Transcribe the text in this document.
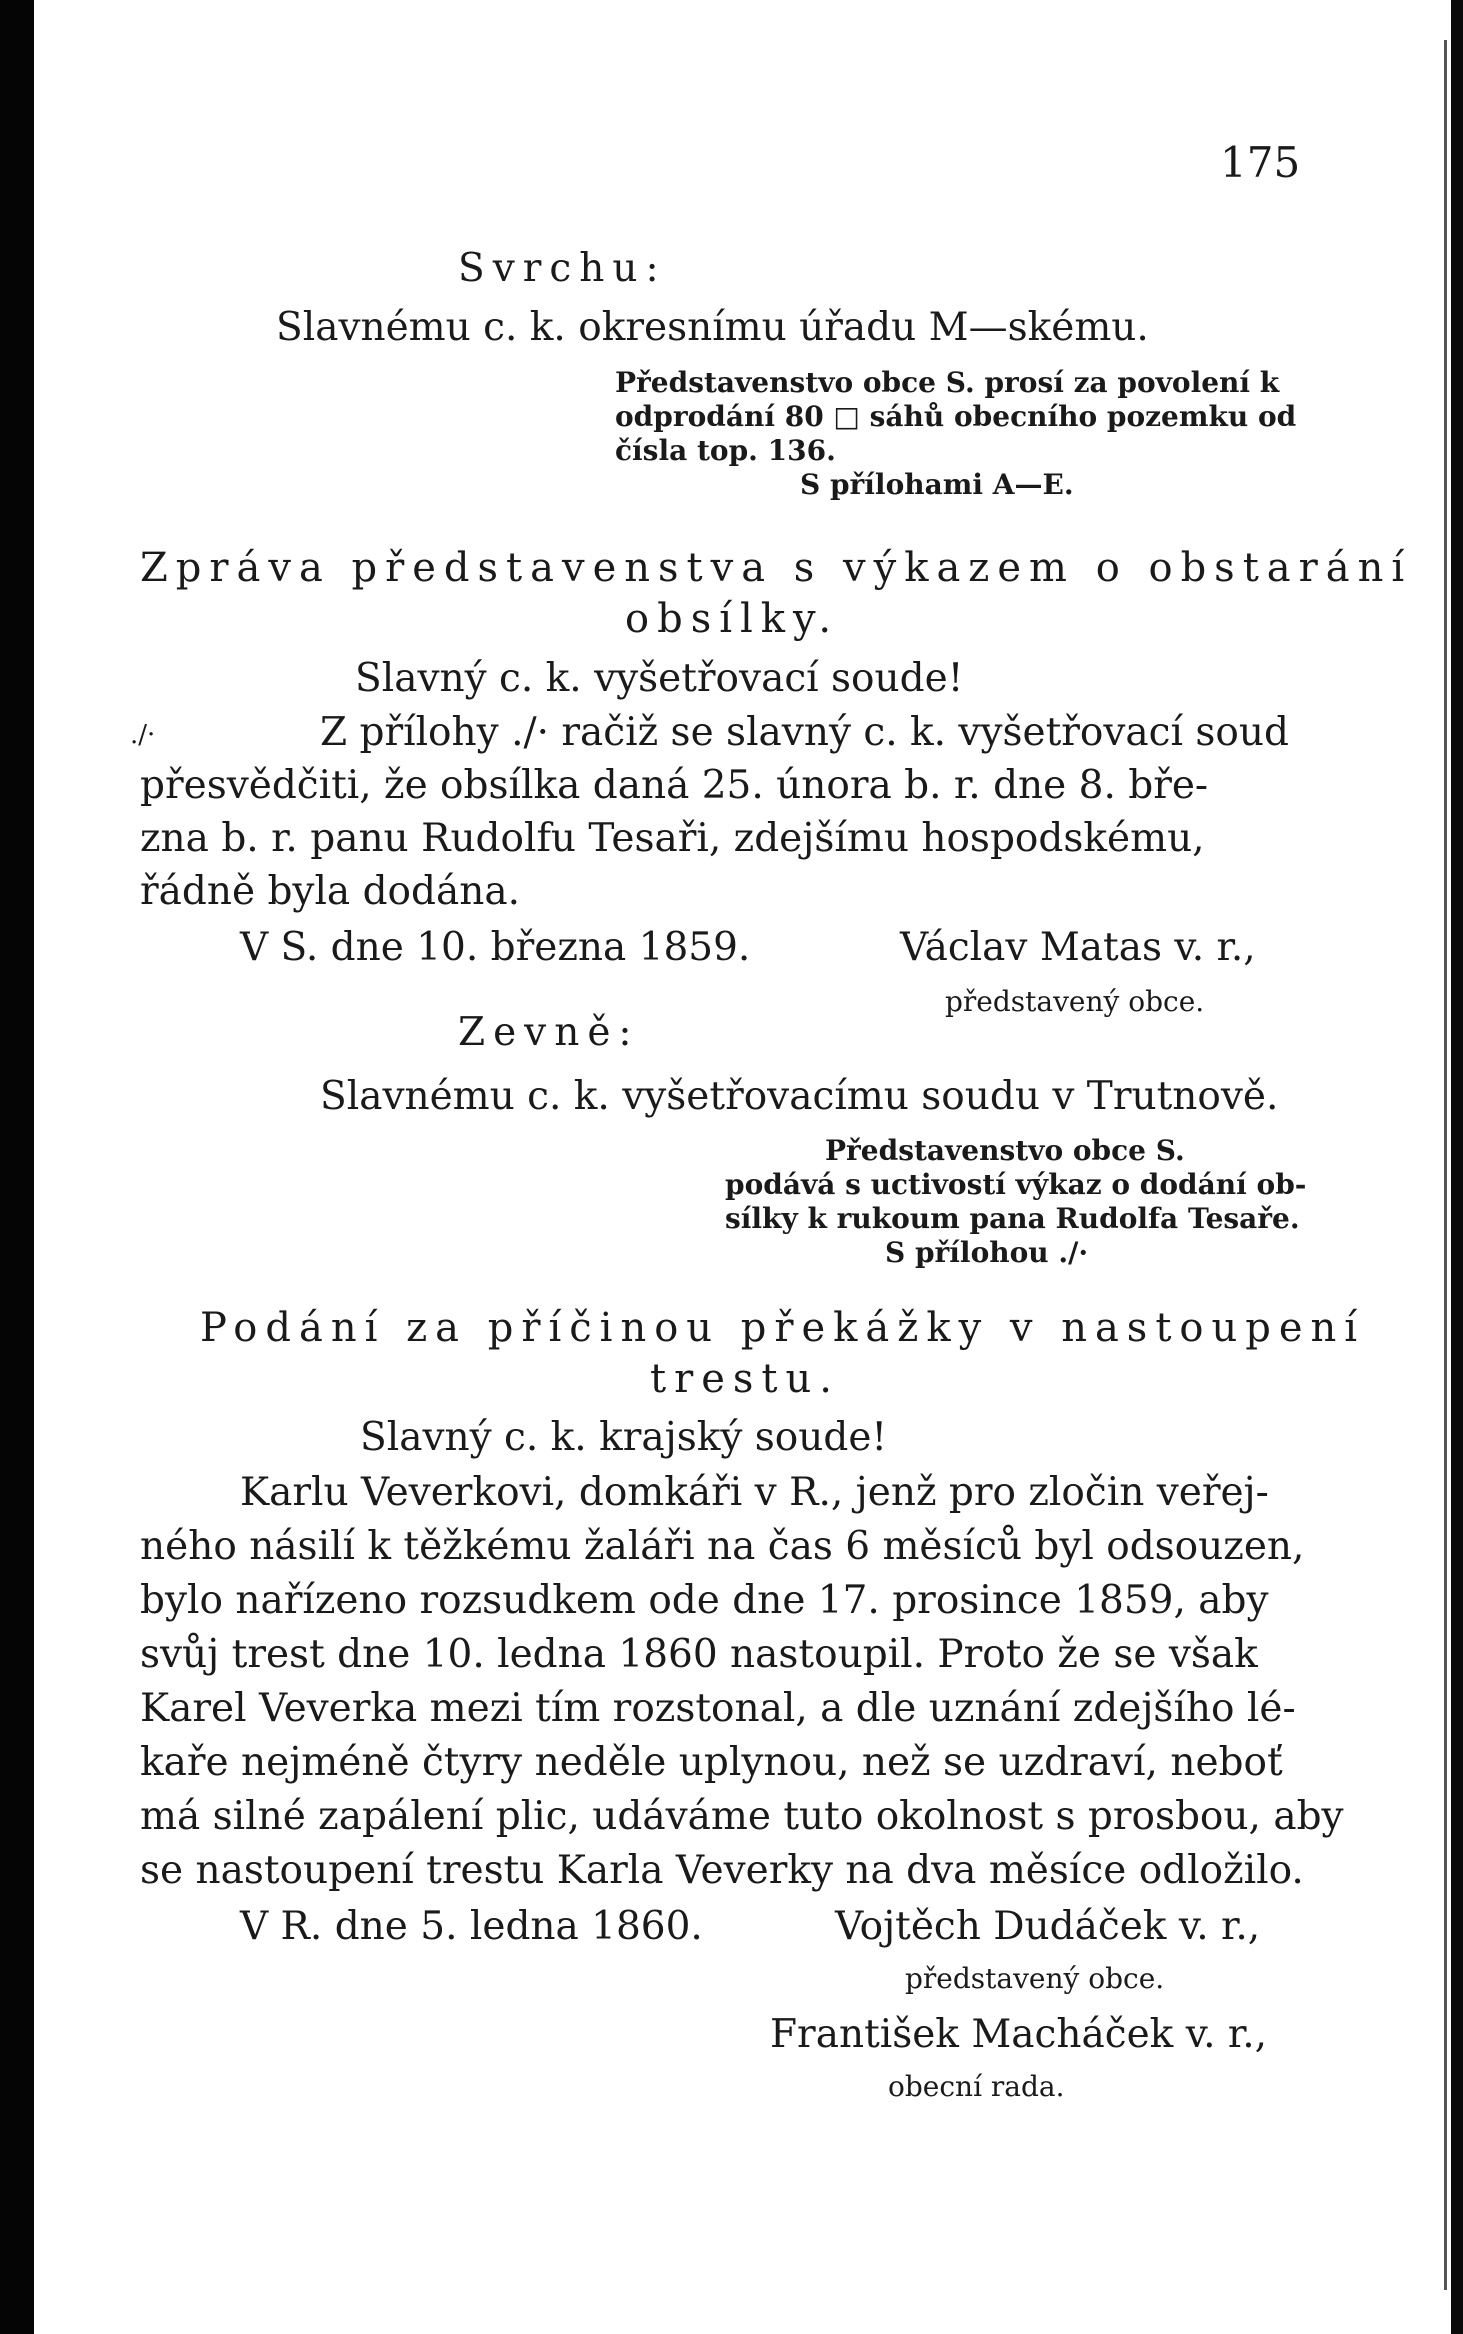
175
Svrchu:
Slavnému c. k. okresnímu úřadu M—skému.
Představenstvo obce S. prosí za povolení k
odprodání 80 □ sáhů obecního pozemku od
čísla top. 136.
S přílohami A—E.
Zpráva představenstva s výkazem o obstarání
obsílky.
Slavný c. k. vyšetřovací soude!
./·	Z přílohy ./· račiž se slavný c. k. vyšetřovací soud
přesvědčiti, že obsílka daná 25. února b. r. dne 8. bře-
zna b. r. panu Rudolfu Tesaři, zdejšímu hospodskému,
řádně byla dodána.
V S. dne 10. března 1859.	Václav Matas v. r.,
představený obce.
Zevně:
Slavnému c. k. vyšetřovacímu soudu v Trutnově.
Představenstvo obce S.
podává s uctivostí výkaz o dodání ob-
sílky k rukoum pana Rudolfa Tesaře.
S přílohou ./·
Podání za příčinou překážky v nastoupení
trestu.
Slavný c. k. krajský soude!
Karlu Veverkovi, domkáři v R., jenž pro zločin veřej-
ného násilí k těžkému žaláři na čas 6 měsíců byl odsouzen,
bylo nařízeno rozsudkem ode dne 17. prosince 1859, aby
svůj trest dne 10. ledna 1860 nastoupil. Proto že se však
Karel Veverka mezi tím rozstonal, a dle uznání zdejšího lé-
kaře nejméně čtyry neděle uplynou, než se uzdraví, neboť
má silné zapálení plic, udáváme tuto okolnost s prosbou, aby
se nastoupení trestu Karla Veverky na dva měsíce odložilo.
V R. dne 5. ledna 1860.	Vojtěch Dudáček v. r.,
představený obce.
František Macháček v. r.,
obecní rada.
